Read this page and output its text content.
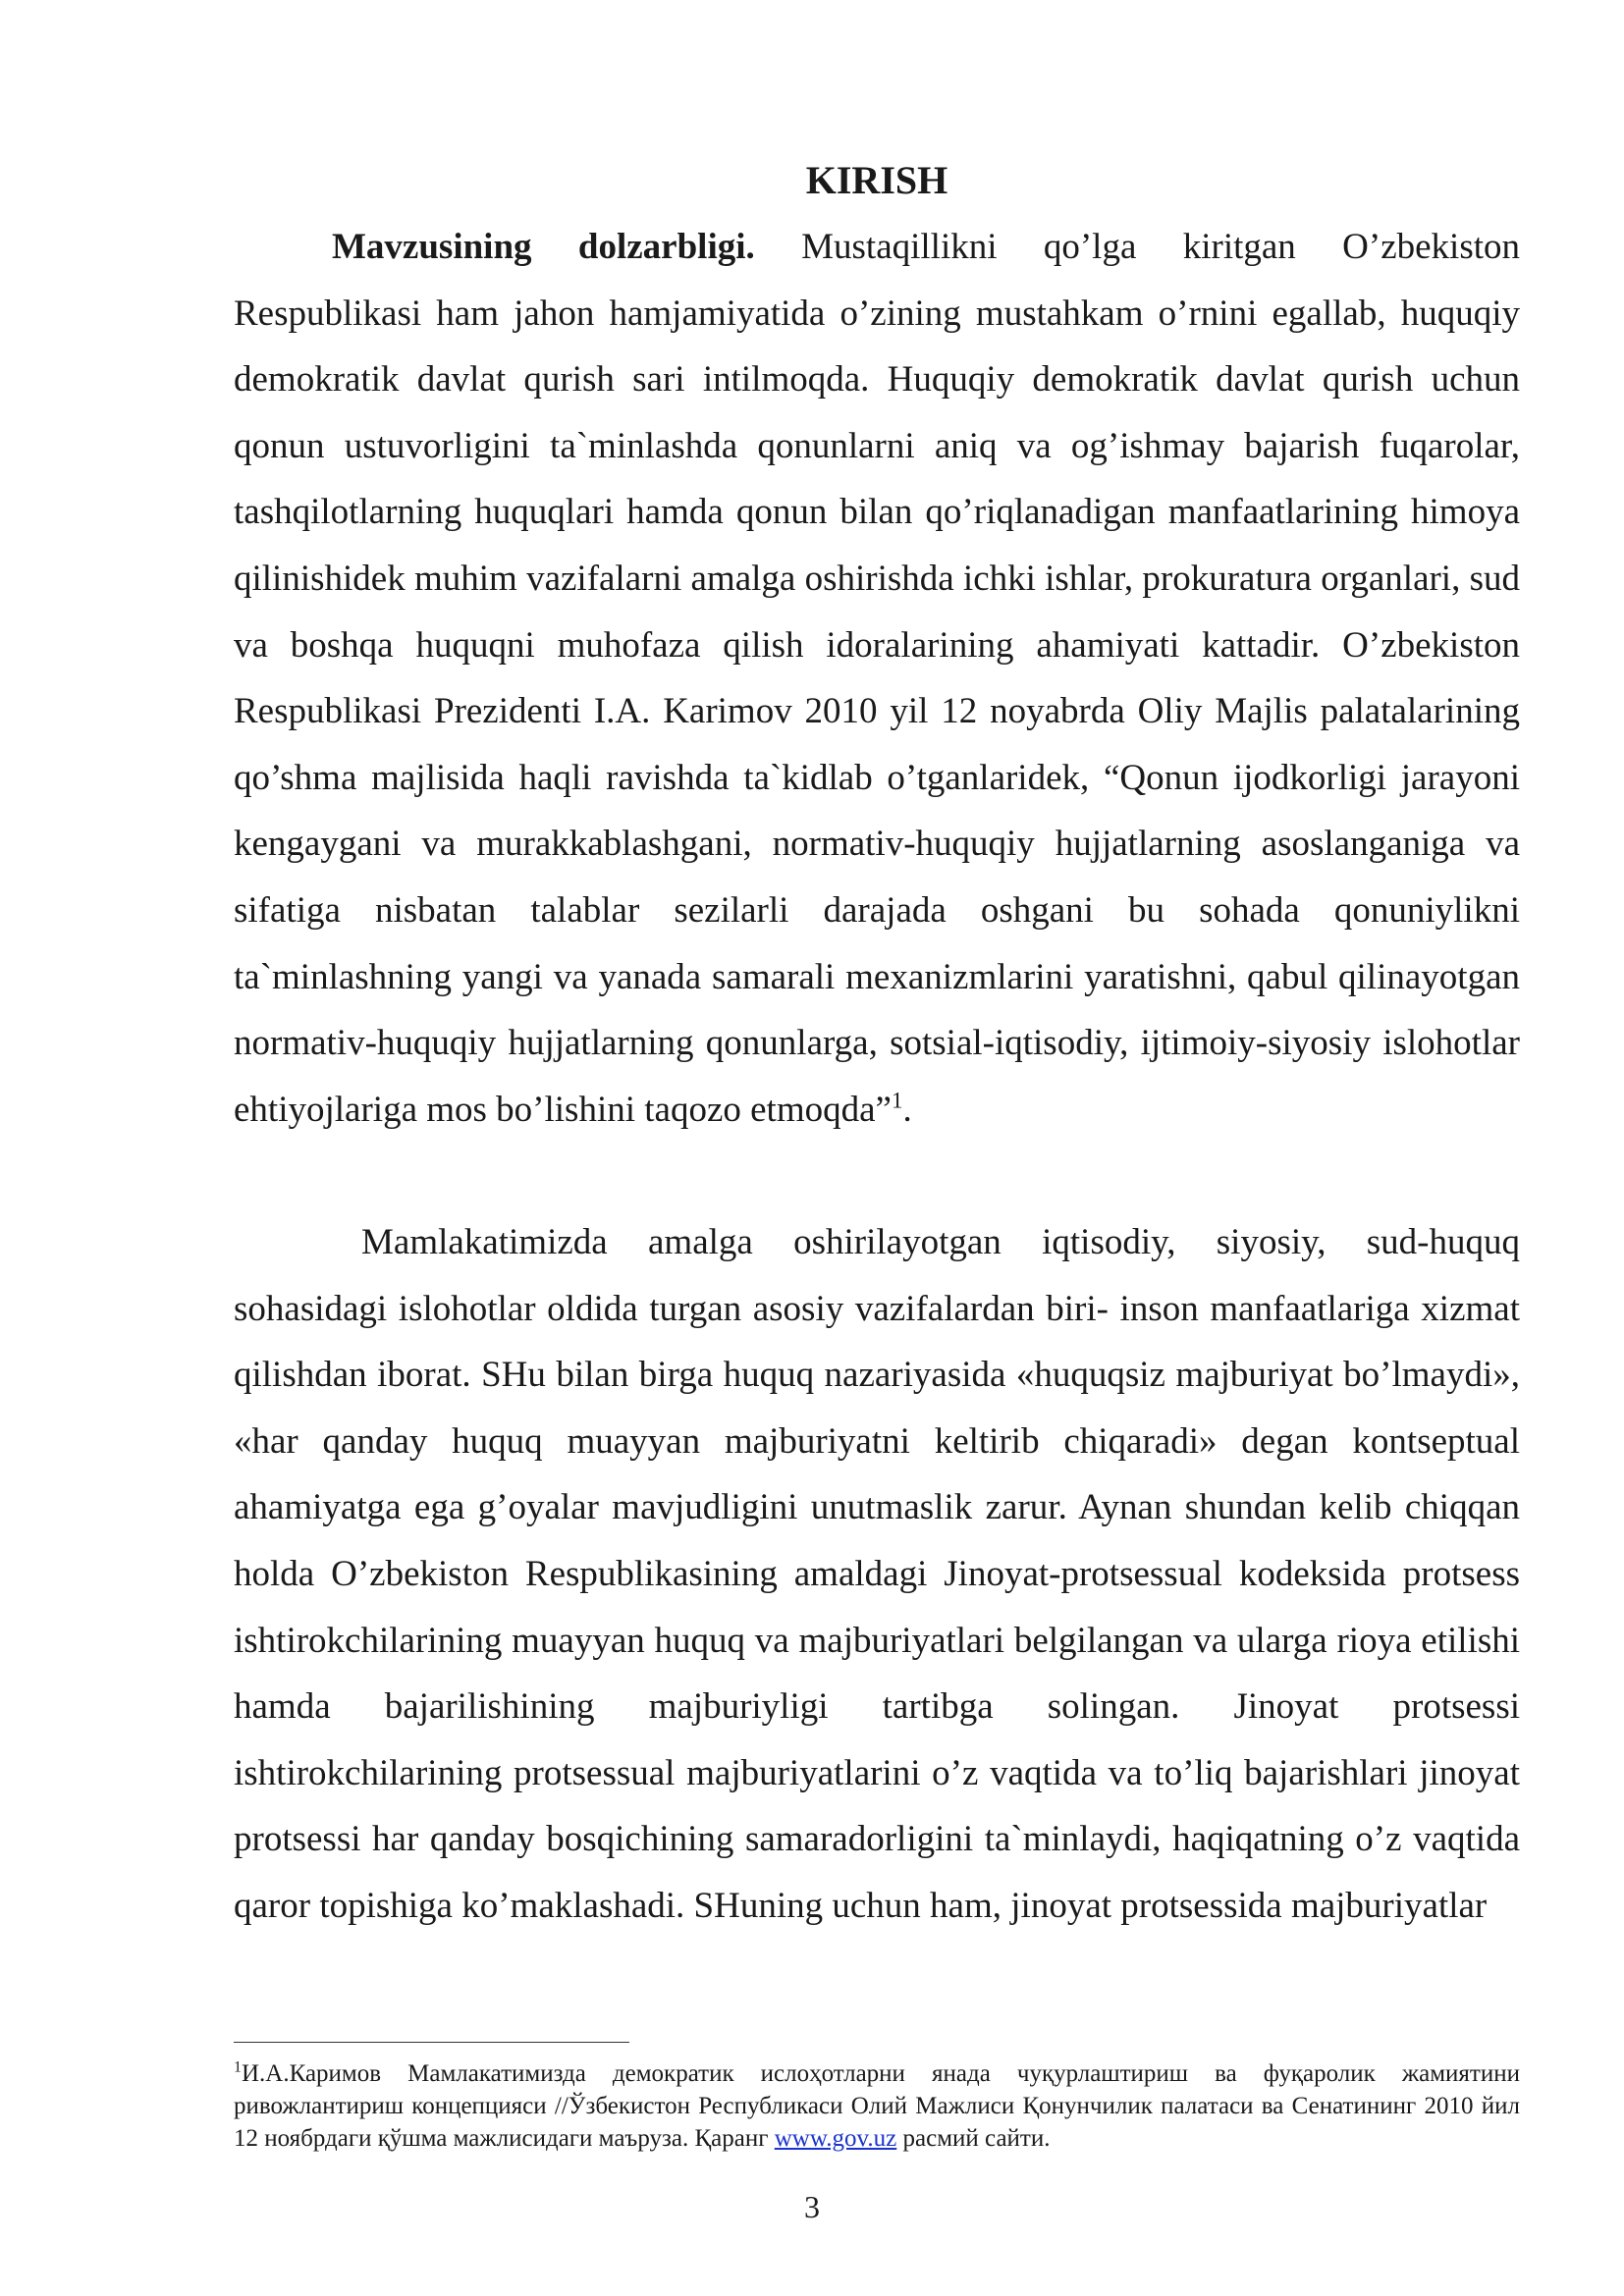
KIRISH

Mavzusining dolzarbligi. Mustaqillikni qo’lga kiritgan O’zbekiston Respublikasi ham jahon hamjamiyatida o’zining mustahkam o’rnini egallab, huquqiy demokratik davlat qurish sari intilmoqda. Huquqiy demokratik davlat qurish uchun qonun ustuvorligini ta`minlashda qonunlarni aniq va og’ishmay bajarish fuqarolar, tashqilotlarning huquqlari hamda qonun bilan qo’riqlanadigan manfaatlarining himoya qilinishidek muhim vazifalarni amalga oshirishda ichki ishlar, prokuratura organlari, sud va boshqa huquqni muhofaza qilish idoralarining ahamiyati kattadir. O’zbekiston Respublikasi Prezidenti I.A. Karimov 2010 yil 12 noyabrda Oliy Majlis palatalarining qo’shma majlisida haqli ravishda ta`kidlab o’tganlaridek, “Qonun ijodkorligi jarayoni kengaygani va murakkablashgani, normativ-huquqiy hujjatlarning asoslanganiga va sifatiga nisbatan talablar sezilarli darajada oshgani bu sohada qonuniylikni ta`minlashning yangi va yanada samarali mexanizmlarini yaratishni, qabul qilinayotgan normativ-huquqiy hujjatlarning qonunlarga, sotsial-iqtisodiy, ijtimoiy-siyosiy islohotlar ehtiyojlariga mos bo’lishini taqozo etmoqda”$^1$.

Mamlakatimizda amalga oshirilayotgan iqtisodiy, siyosiy, sud-huquq sohasidagi islohotlar oldida turgan asosiy vazifalardan biri- inson manfaatlariga xizmat qilishdan iborat. SHu bilan birga huquq nazariyasida «huquqsiz majburiyat bo’lmaydi», «har qanday huquq muayyan majburiyatni keltirib chiqaradi» degan kontseptual ahamiyatga ega g’oyalar mavjudligini unutmaslik zarur. Aynan shundan kelib chiqqan holda O’zbekiston Respublikasining amaldagi Jinoyat-protsessual kodeksida protsess ishtirokchilarining muayyan huquq va majburiyatlari belgilangan va ularga rioya etilishi hamda bajarilishining majburiyligi tartibga solingan. Jinoyat protsessi ishtirokchilarining protsessual majburiyatlarini o’z vaqtida va to’liq bajarishlari jinoyat protsessi har qanday bosqichining samaradorligini ta`minlaydi, haqiqatning o’z vaqtida qaror topishiga ko’maklashadi. SHuning uchun ham, jinoyat protsessida majburiyatlar

$^1$И.А.Каримов Мамлакатимизда демократик ислоҳотларни янада чуқурлаштириш ва фуқаролик жамиятини ривожлантириш концепцияси //Ўзбекистон Республикаси Олий Мажлиси Қонунчилик палатаси ва Сенатининг 2010 йил 12 ноябрдаги қўшма мажлисидаги маъруза. Қаранг www.gov.uz расмий сайти.

3
